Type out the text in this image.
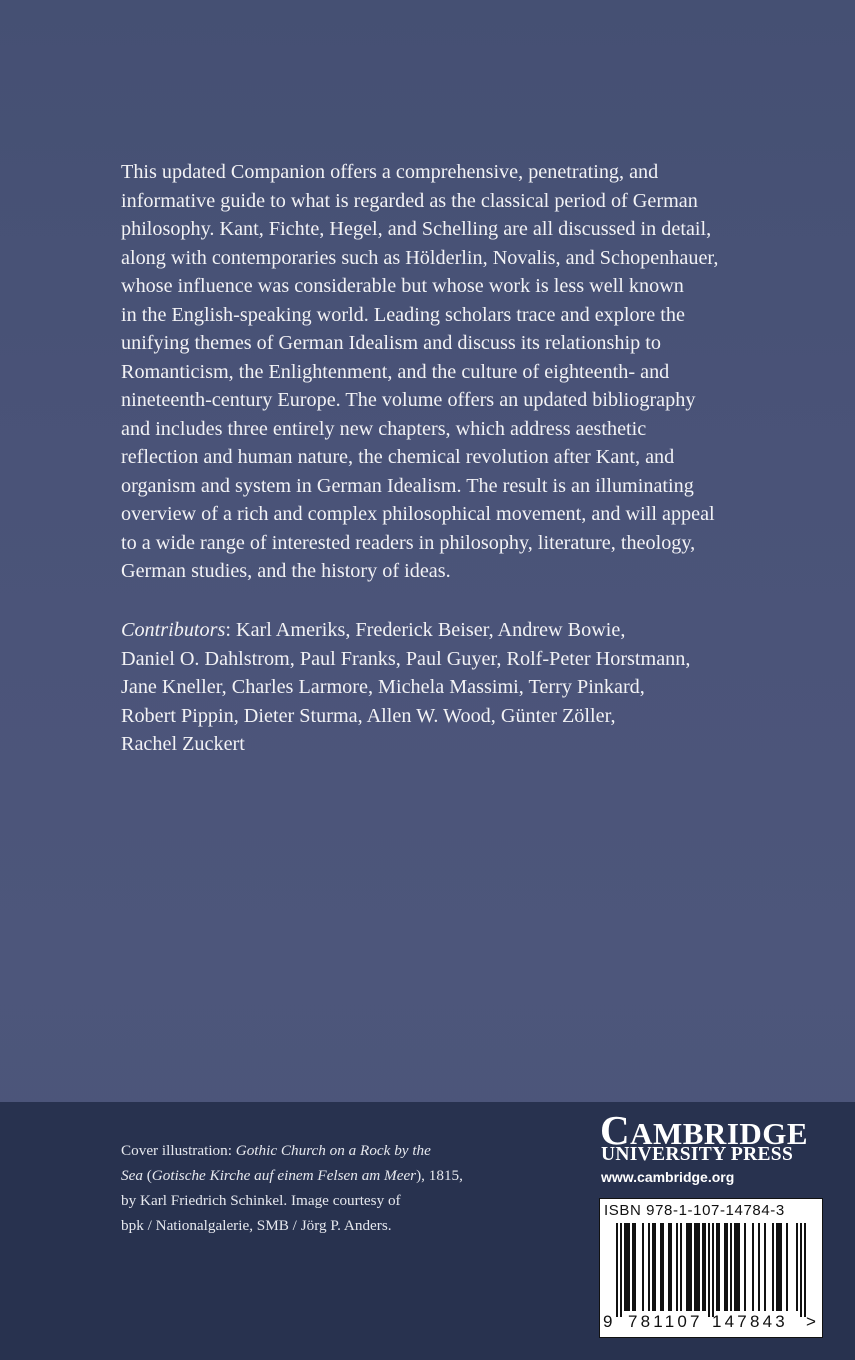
This updated Companion offers a comprehensive, penetrating, and
informative guide to what is regarded as the classical period of German
philosophy. Kant, Fichte, Hegel, and Schelling are all discussed in detail,
along with contemporaries such as Hölderlin, Novalis, and Schopenhauer,
whose influence was considerable but whose work is less well known
in the English-speaking world. Leading scholars trace and explore the
unifying themes of German Idealism and discuss its relationship to
Romanticism, the Enlightenment, and the culture of eighteenth- and
nineteenth-century Europe. The volume offers an updated bibliography
and includes three entirely new chapters, which address aesthetic
reflection and human nature, the chemical revolution after Kant, and
organism and system in German Idealism. The result is an illuminating
overview of a rich and complex philosophical movement, and will appeal
to a wide range of interested readers in philosophy, literature, theology,
German studies, and the history of ideas.

Contributors: Karl Ameriks, Frederick Beiser, Andrew Bowie,
Daniel O. Dahlstrom, Paul Franks, Paul Guyer, Rolf-Peter Horstmann,
Jane Kneller, Charles Larmore, Michela Massimi, Terry Pinkard,
Robert Pippin, Dieter Sturma, Allen W. Wood, Günter Zöller,
Rachel Zuckert

Cover illustration: Gothic Church on a Rock by the
Sea (Gotische Kirche auf einem Felsen am Meer), 1815,
by Karl Friedrich Schinkel. Image courtesy of
bpk / Nationalgalerie, SMB / Jörg P. Anders.
CAMBRIDGE
UNIVERSITY PRESS
www.cambridge.org
ISBN 978-1-107-14784-3
9 781107 147843 >
